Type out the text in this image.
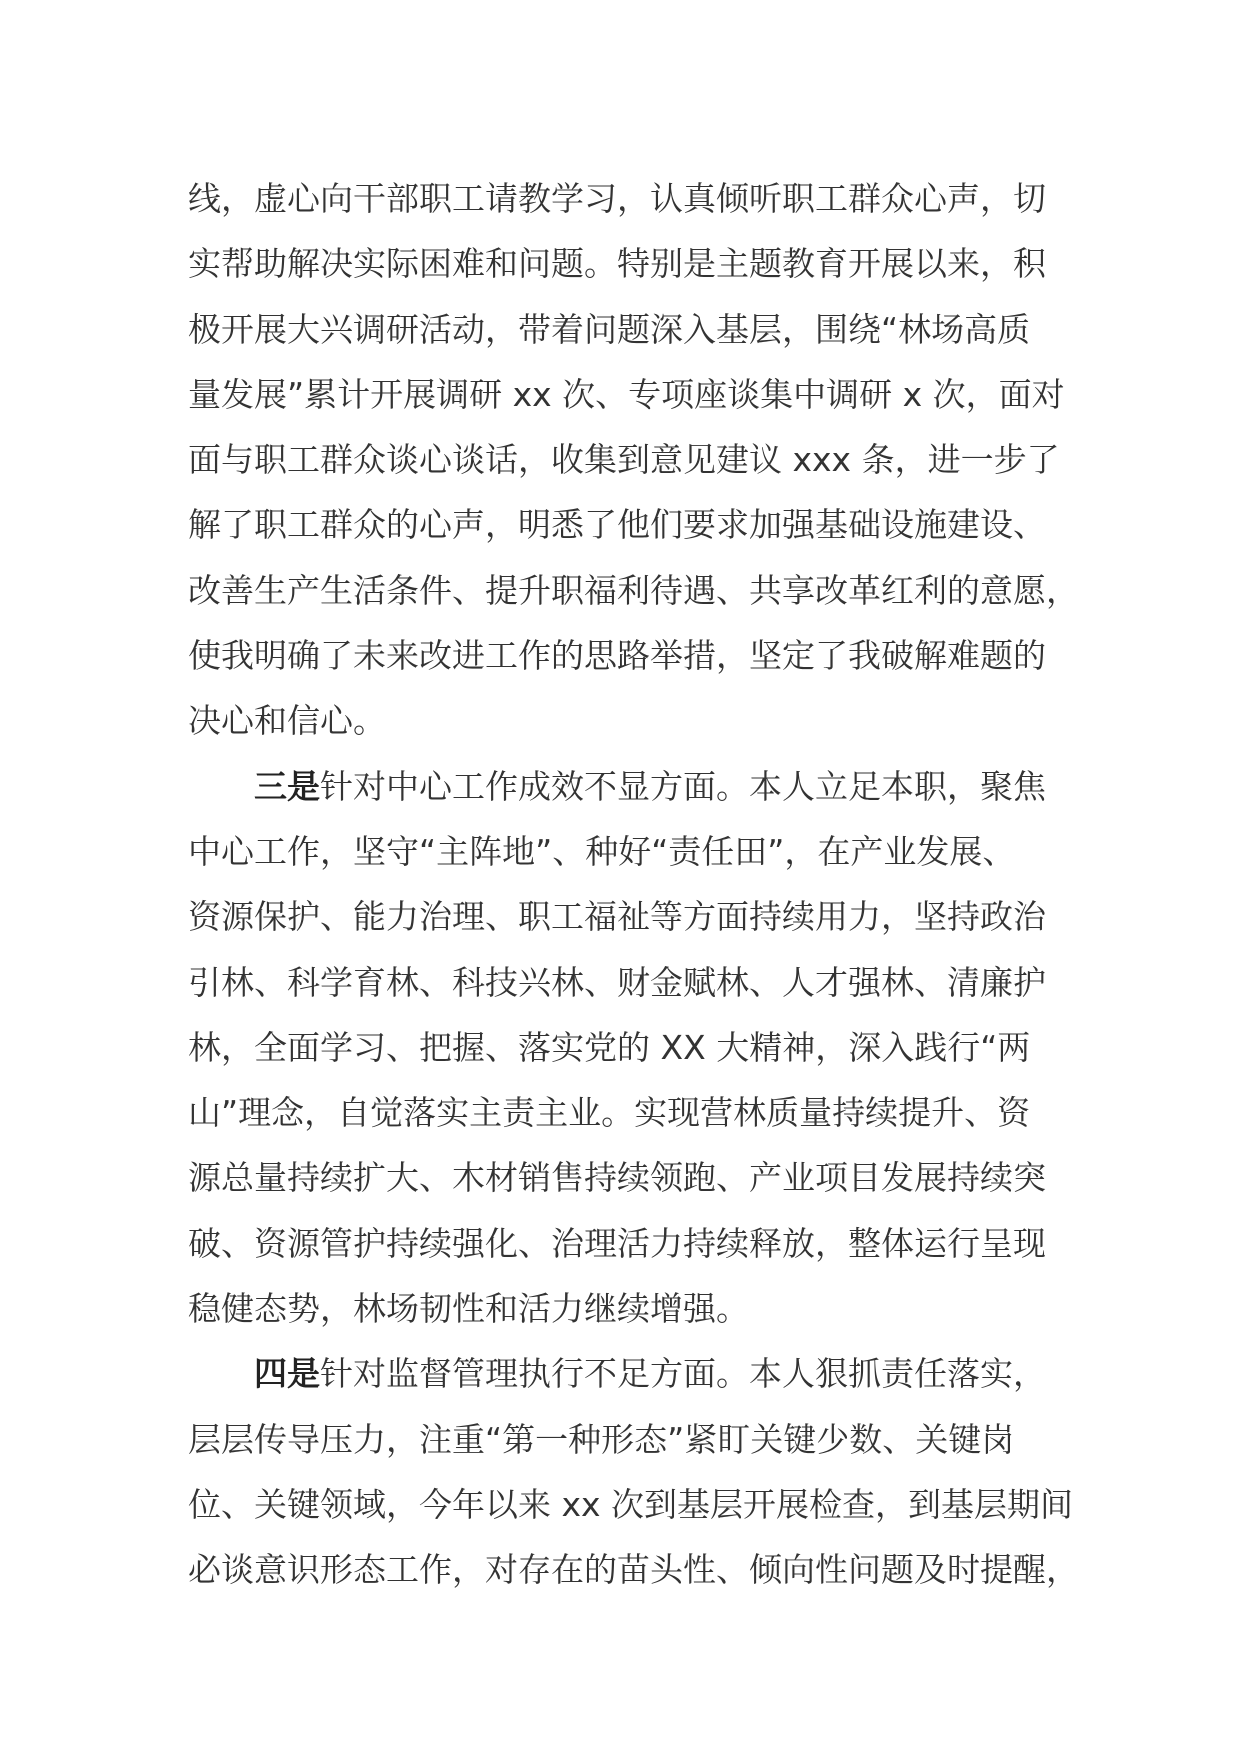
线，虚心向干部职工请教学习，认真倾听职工群众心声，切
实帮助解决实际困难和问题。特别是主题教育开展以来，积
极开展大兴调研活动，带着问题深入基层，围绕“林场高质
量发展”累计开展调研 xx 次、专项座谈集中调研 x 次，面对
面与职工群众谈心谈话，收集到意见建议 xxx 条，进一步了
解了职工群众的心声，明悉了他们要求加强基础设施建设、
改善生产生活条件、提升职福利待遇、共享改革红利的意愿，
使我明确了未来改进工作的思路举措，坚定了我破解难题的
决心和信心。
三是针对中心工作成效不显方面。本人立足本职，聚焦
中心工作，坚守“主阵地”、种好“责任田”，在产业发展、
资源保护、能力治理、职工福祉等方面持续用力，坚持政治
引林、科学育林、科技兴林、财金赋林、人才强林、清廉护
林，全面学习、把握、落实党的 XX 大精神，深入践行“两
山”理念，自觉落实主责主业。实现营林质量持续提升、资
源总量持续扩大、木材销售持续领跑、产业项目发展持续突
破、资源管护持续强化、治理活力持续释放，整体运行呈现
稳健态势，林场韧性和活力继续增强。
四是针对监督管理执行不足方面。本人狠抓责任落实，
层层传导压力，注重“第一种形态”紧盯关键少数、关键岗
位、关键领域，今年以来 xx 次到基层开展检查，到基层期间
必谈意识形态工作，对存在的苗头性、倾向性问题及时提醒，
